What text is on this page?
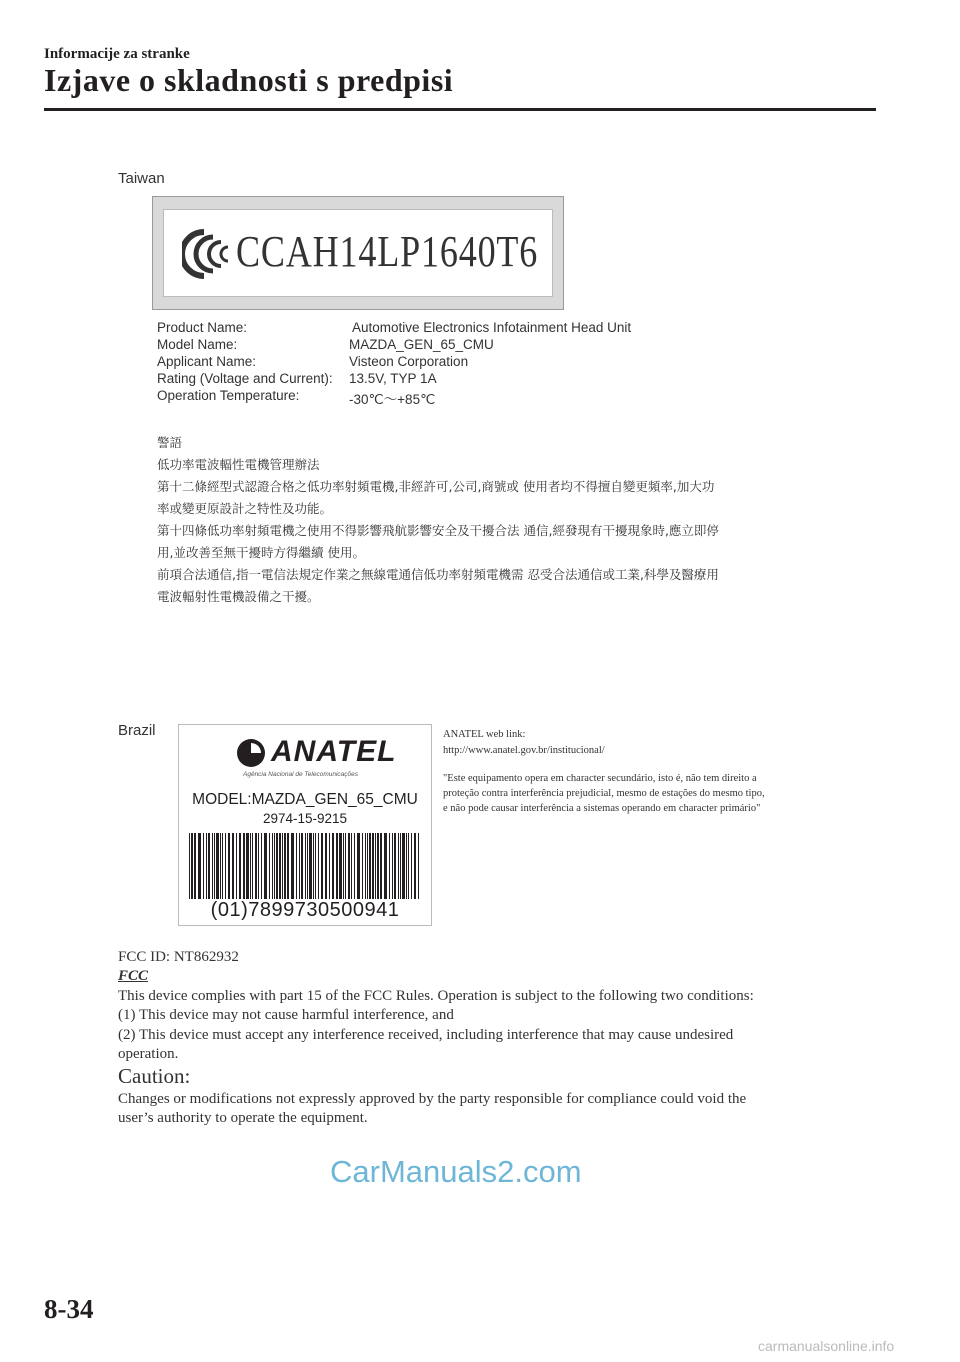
Informacije za stranke
Izjave o skladnosti s predpisi
Taiwan
CCAH14LP1640T6
Product Name:	Automotive Electronics Infotainment Head Unit
Model Name:	MAZDA_GEN_65_CMU
Applicant Name:	Visteon Corporation
Rating (Voltage and Current): 13.5V, TYP 1A
Operation Temperature:	-30℃～+85℃
警語
低功率電波輻性電機管理辦法
第十二條經型式認證合格之低功率射頻電機,非經許可,公司,商號或 使用者均不得擅自變更頻率,加大功
率或變更原設計之特性及功能。
第十四條低功率射頻電機之使用不得影響飛航影響安全及干擾合法 通信,經發現有干擾現象時,應立即停
用,並改善至無干擾時方得繼續 使用。
前項合法通信,指一電信法規定作業之無線電通信低功率射頻電機需 忍受合法通信或工業,科學及醫療用
電波輻射性電機設備之干擾。
Brazil
ANATEL
Agência Nacional de Telecomunicações
MODEL:MAZDA_GEN_65_CMU
2974-15-9215
(01)7899730500941
ANATEL web link:
http://www.anatel.gov.br/institucional/
"Este equipamento opera em character secundário, isto é, não tem direito a
proteção contra interferência prejudicial, mesmo de estações do mesmo tipo,
e não pode causar interferência a sistemas operando em character primário"
FCC ID: NT862932
FCC
This device complies with part 15 of the FCC Rules. Operation is subject to the following two conditions:
(1) This device may not cause harmful interference, and
(2) This device must accept any interference received, including interference that may cause undesired
operation.
Caution:
Changes or modifications not expressly approved by the party responsible for compliance could void the
user’s authority to operate the equipment.
CarManuals2.com
8-34
carmanualsonline.info
